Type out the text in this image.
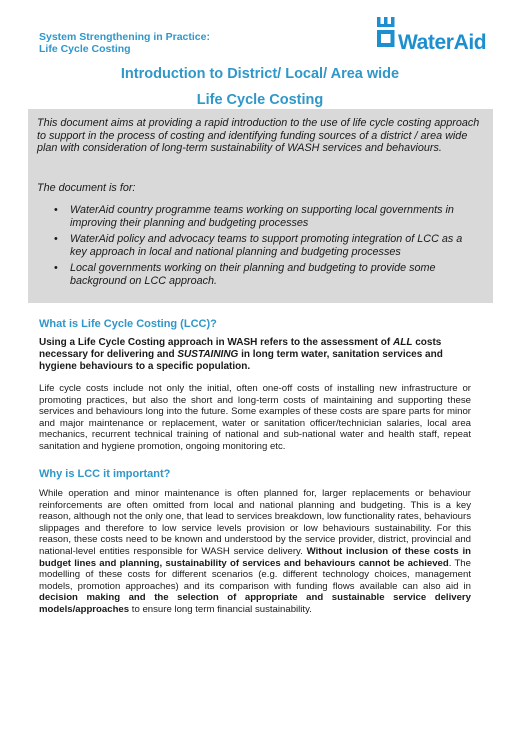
System Strengthening in Practice:
Life Cycle Costing	WaterAid
Introduction to District/ Local/ Area wide
Life Cycle Costing

This document aims at providing a rapid introduction to the use of life cycle costing approach to support in the process of costing and identifying funding sources of a district / area wide plan with consideration of long-term sustainability of WASH services and behaviours.

The document is for:

• WaterAid country programme teams working on supporting local governments in improving their planning and budgeting processes
• WaterAid policy and advocacy teams to support promoting integration of LCC as a key approach in local and national planning and budgeting processes
• Local governments working on their planning and budgeting to provide some background on LCC approach.
What is Life Cycle Costing (LCC)?

Using a Life Cycle Costing approach in WASH refers to the assessment of ALL costs necessary for delivering and SUSTAINING in long term water, sanitation services and hygiene behaviours to a specific population.

Life cycle costs include not only the initial, often one-off costs of installing new infrastructure or promoting practices, but also the short and long-term costs of maintaining and supporting these services and behaviours long into the future. Some examples of these costs are spare parts for minor and major maintenance or replacement, water or sanitation officer/technician salaries, local area mechanics, recurrent technical training of national and sub-national water and health staff, repeat sanitation and hygiene promotion, ongoing monitoring etc.

Why is LCC it important?

While operation and minor maintenance is often planned for, larger replacements or behaviour reinforcements are often omitted from local and national planning and budgeting. This is a key reason, although not the only one, that lead to services breakdown, low functionality rates, behaviours slippages and therefore to low service levels provision or low behaviours sustainability. For this reason, these costs need to be known and understood by the service provider, district, provincial and national-level entities responsible for WASH service delivery. Without inclusion of these costs in budget lines and planning, sustainability of services and behaviours cannot be achieved. The modelling of these costs for different scenarios (e.g. different technology choices, management models, promotion approaches) and its comparison with funding flows available can also aid in decision making and the selection of appropriate and sustainable service delivery models/approaches to ensure long term financial sustainability.
